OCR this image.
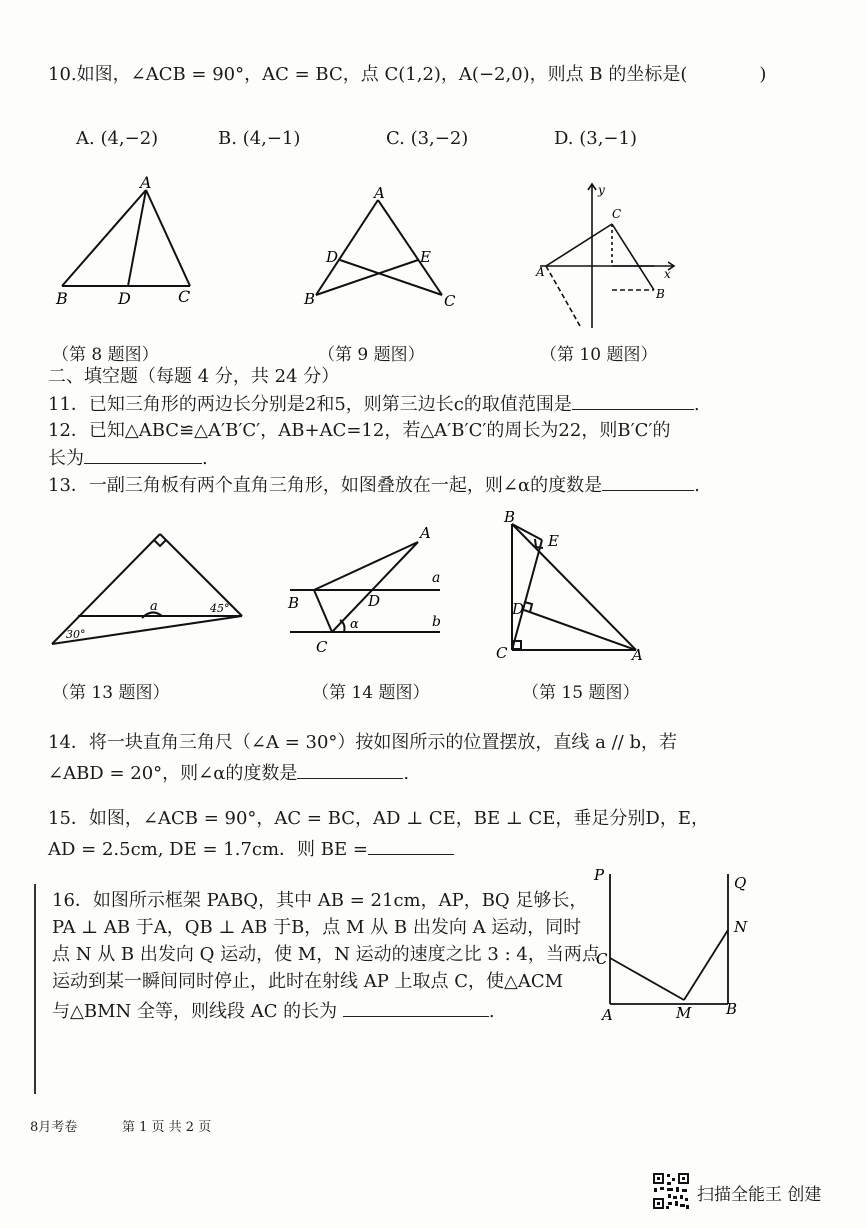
10.如图，∠ACB = 90°，AC = BC，点 C(1,2)，A(−2,0)，则点 B 的坐标是(　　　　)
A. (4,−2)	B. (4,−1)	C. (3,−2)	D. (3,−1)
A
B	D	C
A
D	E
B	C
y
C
A	x
B
（第 8 题图）	（第 9 题图）	（第 10 题图）
二、填空题（每题 4 分，共 24 分）
11．已知三角形的两边长分别是2和5，则第三边长c的取值范围是	.
12．已知△ABC≌△A′B′C′，AB+AC=12，若△A′B′C′的周长为22，则B′C′的
长为	.
13．一副三角板有两个直角三角形，如图叠放在一起，则∠α的度数是	.
a
30°
45°
A
B	D
a
b
C
α
B
E
D
C	A
（第 13 题图）	（第 14 题图）	（第 15 题图）
14．将一块直角三角尺（∠A = 30°）按如图所示的位置摆放，直线 a // b，若
∠ABD = 20°，则∠α的度数是	.
15．如图，∠ACB = 90°，AC = BC，AD ⊥ CE，BE ⊥ CE，垂足分别D，E，
AD = 2.5cm, DE = 1.7cm．则 BE =
16．如图所示框架 PABQ，其中 AB = 21cm，AP，BQ 足够长，
PA ⊥ AB 于A，QB ⊥ AB 于B，点 M 从 B 出发向 A 运动，同时
点 N 从 B 出发向 Q 运动，使 M，N 运动的速度之比 3 : 4，当两点
运动到某一瞬间同时停止，此时在射线 AP 上取点 C，使△ACM
与△BMN 全等，则线段 AC 的长为	.
P	Q
N
C
A	M B
8月考卷	第 1 页 共 2 页
扫描全能王 创建
